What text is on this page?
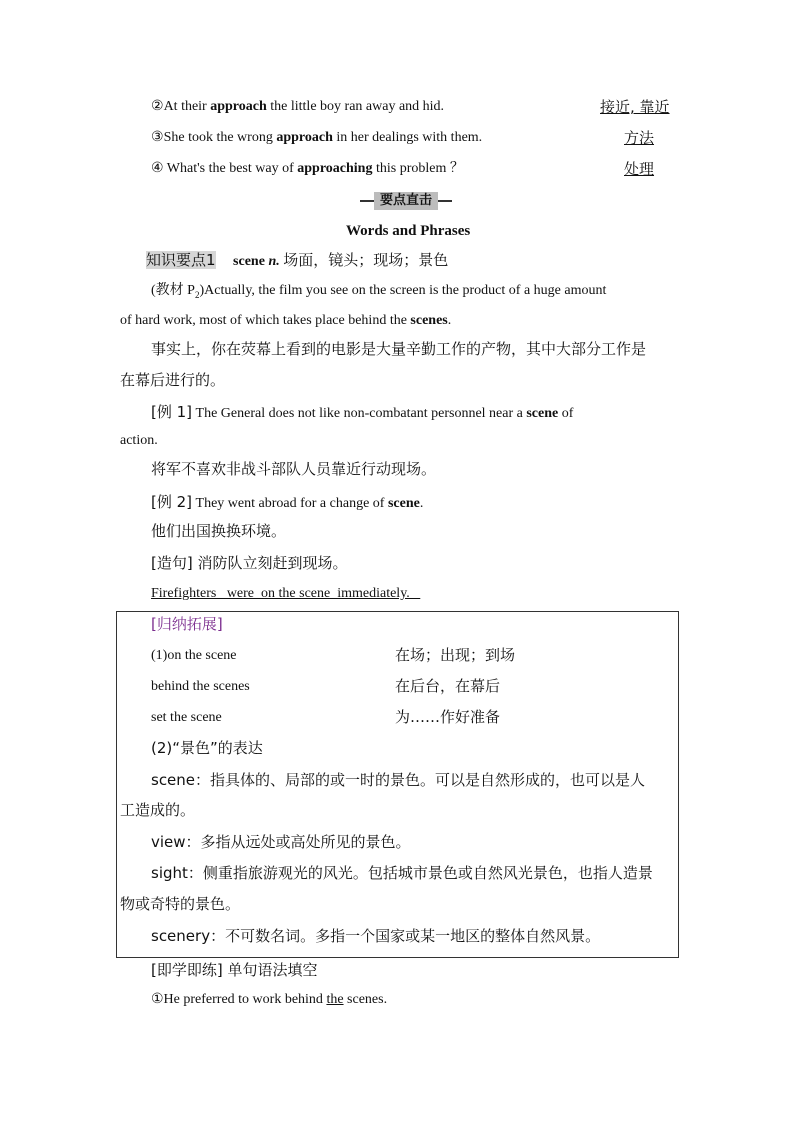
②At their approach the little boy ran away and hid.	接近, 靠近
③She took the wrong approach in her dealings with them.	方法
④ What's the best way of approaching this problem ？	处理
要点直击
Words and Phrases
知识要点1 scene n. 场面，镜头；现场；景色
(教材 $P_2)Actually$, the film you see on the screen is the product of a huge amount
of hard work, most of which takes place behind the scenes.
事实上，你在荧幕上看到的电影是大量辛勤工作的产物，其中大部分工作是
在幕后进行的。
[例 1] The General does not like non-combatant personnel near a scene of
action.
将军不喜欢非战斗部队人员靠近行动现场。
[例 2] They went abroad for a change of scene.
他们出国换换环境。
[造句] 消防队立刻赶到现场。
Firefighters   were  on the scene  immediately.
[归纳拓展]
(1)on the scene	在场；出现；到场
behind the scenes	在后台，在幕后
set the scene	为……作好准备
(2)“景色”的表达
scene：指具体的、局部的或一时的景色。可以是自然形成的，也可以是人
工造成的。
view：多指从远处或高处所见的景色。
sight：侧重指旅游观光的风光。包括城市景色或自然风光景色，也指人造景
物或奇特的景色。
scenery：不可数名词。多指一个国家或某一地区的整体自然风景。
[即学即练] 单句语法填空
①He preferred to work behind the scenes.
